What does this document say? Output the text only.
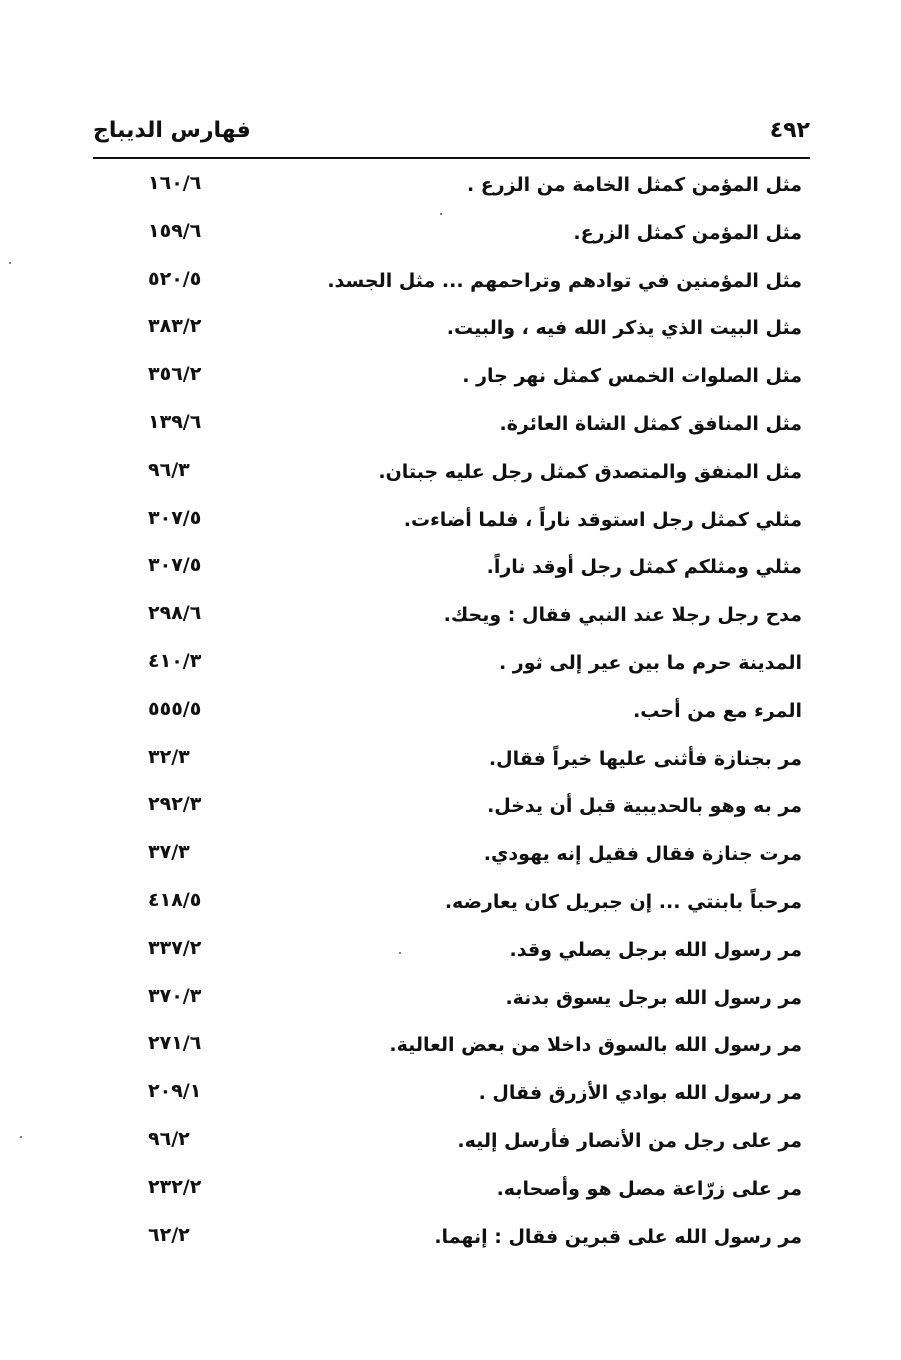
فهارس الديباج	٤٩٢
مثل المؤمن كمثل الخامة من الزرع .
١٦٠/٦
مثل المؤمن كمثل الزرع.
١٥٩/٦
مثل المؤمنين في توادهم وتراحمهم ... مثل الجسد.
٥٢٠/٥
مثل البيت الذي يذكر الله فيه ، والبيت.
٣٨٣/٢
مثل الصلوات الخمس كمثل نهر جار .
٣٥٦/٢
مثل المنافق كمثل الشاة العائرة.
١٣٩/٦
مثل المنفق والمتصدق كمثل رجل عليه جبتان.
٩٦/٣
مثلي كمثل رجل استوقد ناراً ، فلما أضاءت.
٣٠٧/٥
مثلي ومثلكم كمثل رجل أوقد ناراً.
٣٠٧/٥
مدح رجل رجلا عند النبي فقال : ويحك.
٢٩٨/٦
المدينة حرم ما بين عير إلى ثور .
٤١٠/٣
المرء مع من أحب.
٥٥٥/٥
مر بجنازة فأثنى عليها خيراً فقال.
٣٢/٣
مر به وهو بالحديبية قبل أن يدخل.
٢٩٢/٣
مرت جنازة فقال فقيل إنه يهودي.
٣٧/٣
مرحباً بابنتي ... إن جبريل كان يعارضه.
٤١٨/٥
مر رسول الله برجل يصلي وقد.
٣٣٧/٢
مر رسول الله برجل يسوق بدنة.
٣٧٠/٣
مر رسول الله بالسوق داخلا من بعض العالية.
٢٧١/٦
مر رسول الله بوادي الأزرق فقال .
٢٠٩/١
مر على رجل من الأنصار فأرسل إليه.
٩٦/٢
مر على زرّاعة مصل هو وأصحابه.
٢٣٢/٢
مر رسول الله على قبرين فقال : إنهما.
٦٢/٢
